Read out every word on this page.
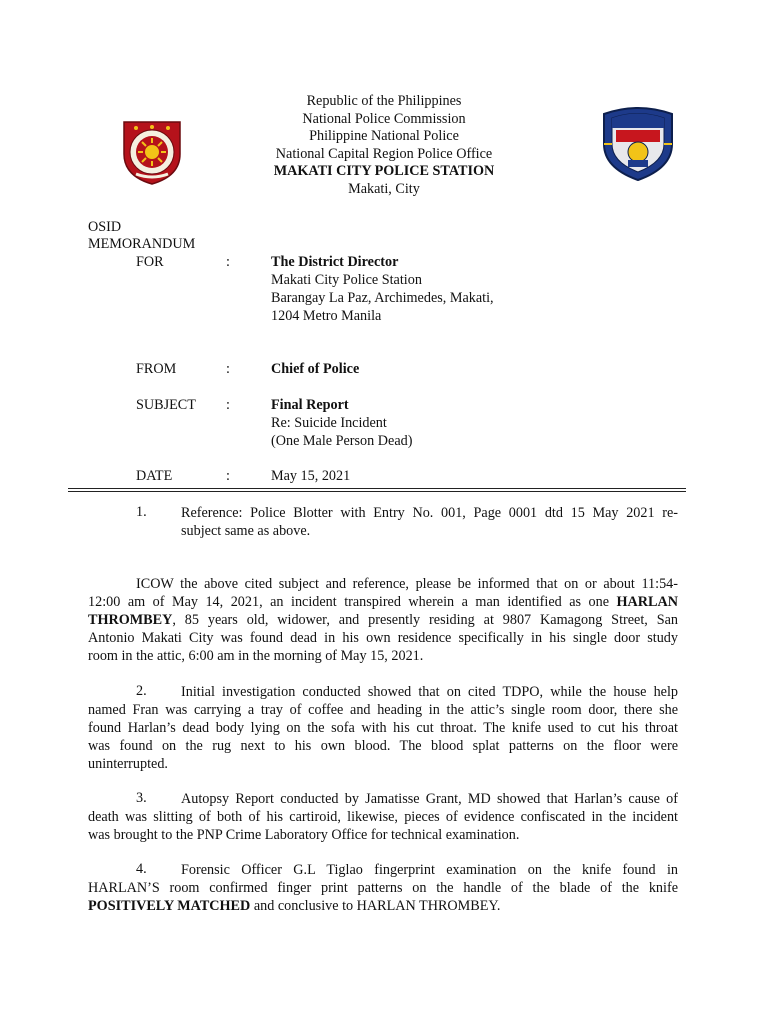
Republic of the Philippines
National Police Commission
Philippine National Police
National Capital Region Police Office
MAKATI CITY POLICE STATION
Makati, City
OSID
MEMORANDUM
FOR	:	The District Director
Makati City Police Station
Barangay La Paz, Archimedes, Makati,
1204 Metro Manila
FROM	:	Chief of Police
SUBJECT :	Final Report
Re: Suicide Incident
(One Male Person Dead)
DATE	:	May 15, 2021
1. Reference: Police Blotter with Entry No. 001, Page 0001 dtd 15 May 2021 re-
subject same as above.
ICOW the above cited subject and reference, please be informed that on or about 11:54-
12:00 am of May 14, 2021, an incident transpired wherein a man identified as one HARLAN
THROMBEY, 85 years old, widower, and presently residing at 9807 Kamagong Street, San
Antonio Makati City was found dead in his own residence specifically in his single door study
room in the attic, 6:00 am in the morning of May 15, 2021.
2.	Initial investigation conducted showed that on cited TDPO, while the house help
named Fran was carrying a tray of coffee and heading in the attic’s single room door, there she
found Harlan’s dead body lying on the sofa with his cut throat. The knife used to cut his throat
was found on the rug next to his own blood. The blood splat patterns on the floor were
uninterrupted.
3.	Autopsy Report conducted by Jamatisse Grant, MD showed that Harlan’s cause of
death was slitting of both of his cartiroid, likewise, pieces of evidence confiscated in the incident
was brought to the PNP Crime Laboratory Office for technical examination.
4.	Forensic Officer G.L Tiglao fingerprint examination on the knife found in
HARLAN’S room confirmed finger print patterns on the handle of the blade of the knife
POSITIVELY MATCHED and conclusive to HARLAN THROMBEY.
